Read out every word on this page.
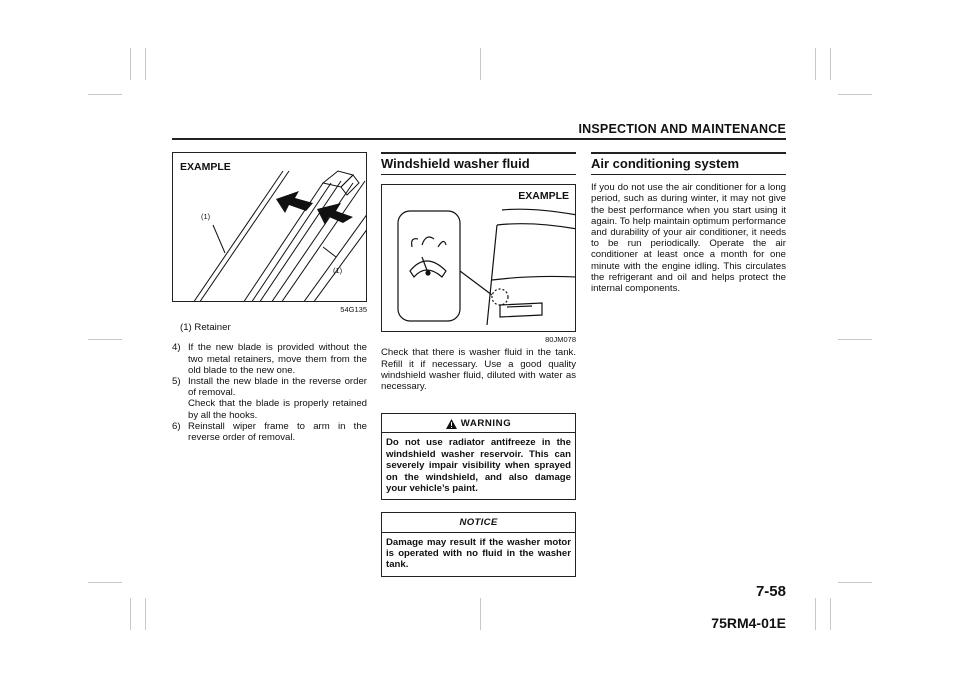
INSPECTION AND MAINTENANCE
EXAMPLE
(1)
(1)
54G135
(1) Retainer
4) If the new blade is provided without the two metal retainers, move them from the old blade to the new one.
5) Install the new blade in the reverse order of removal.

Check that the blade is properly retained by all the hooks.

6) Reinstall wiper frame to arm in the reverse order of removal.
Windshield washer fluid
EXAMPLE
80JM078

Check that there is washer fluid in the tank. Refill it if necessary. Use a good quality windshield washer fluid, diluted with water as necessary.

WARNING
Do not use radiator antifreeze in the windshield washer reservoir. This can severely impair visibility when sprayed on the windshield, and also damage your vehicle’s paint.
NOTICE
Damage may result if the washer motor is operated with no fluid in the washer tank.
Air conditioning system

If you do not use the air conditioner for a long period, such as during winter, it may not give the best performance when you start using it again. To help maintain optimum performance and durability of your air conditioner, it needs to be run periodically. Operate the air conditioner at least once a month for one minute with the engine idling. This circulates the refrigerant and oil and helps protect the internal components.

7-58
75RM4-01E
